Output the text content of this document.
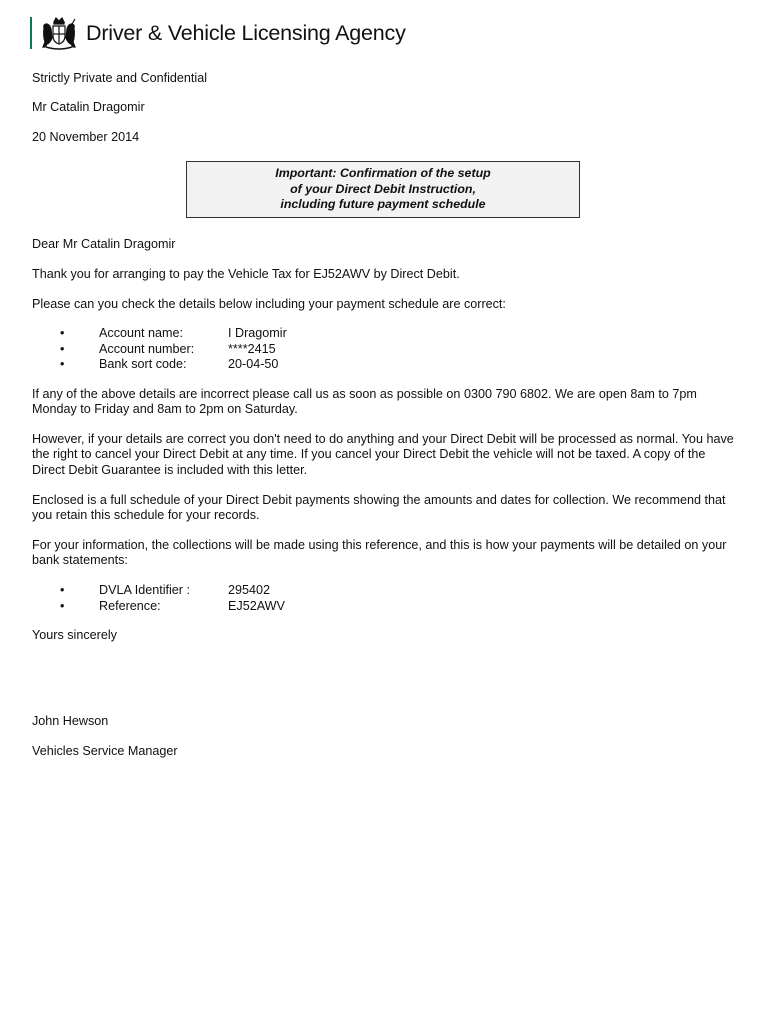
Driver & Vehicle Licensing Agency
Strictly Private and Confidential
Mr Catalin Dragomir
20 November 2014
Important: Confirmation of the setup
of your Direct Debit Instruction,
including future payment schedule
Dear Mr Catalin Dragomir
Thank you for arranging to pay the Vehicle Tax for EJ52AWV by Direct Debit.
Please can you check the details below including your payment schedule are correct:
•	Account name:	I Dragomir
•	Account number:	****2415
•	Bank sort code:	20-04-50
If any of the above details are incorrect please call us as soon as possible on 0300 790 6802. We are open 8am to 7pm Monday to Friday and 8am to 2pm on Saturday.
However, if your details are correct you don't need to do anything and your Direct Debit will be processed as normal. You have the right to cancel your Direct Debit at any time. If you cancel your Direct Debit the vehicle will not be taxed. A copy of the Direct Debit Guarantee is included with this letter.
Enclosed is a full schedule of your Direct Debit payments showing the amounts and dates for collection. We recommend that you retain this schedule for your records.
For your information, the collections will be made using this reference, and this is how your payments will be detailed on your bank statements:
•	DVLA Identifier :	295402
•	Reference:	EJ52AWV
Yours sincerely
John Hewson
Vehicles Service Manager
